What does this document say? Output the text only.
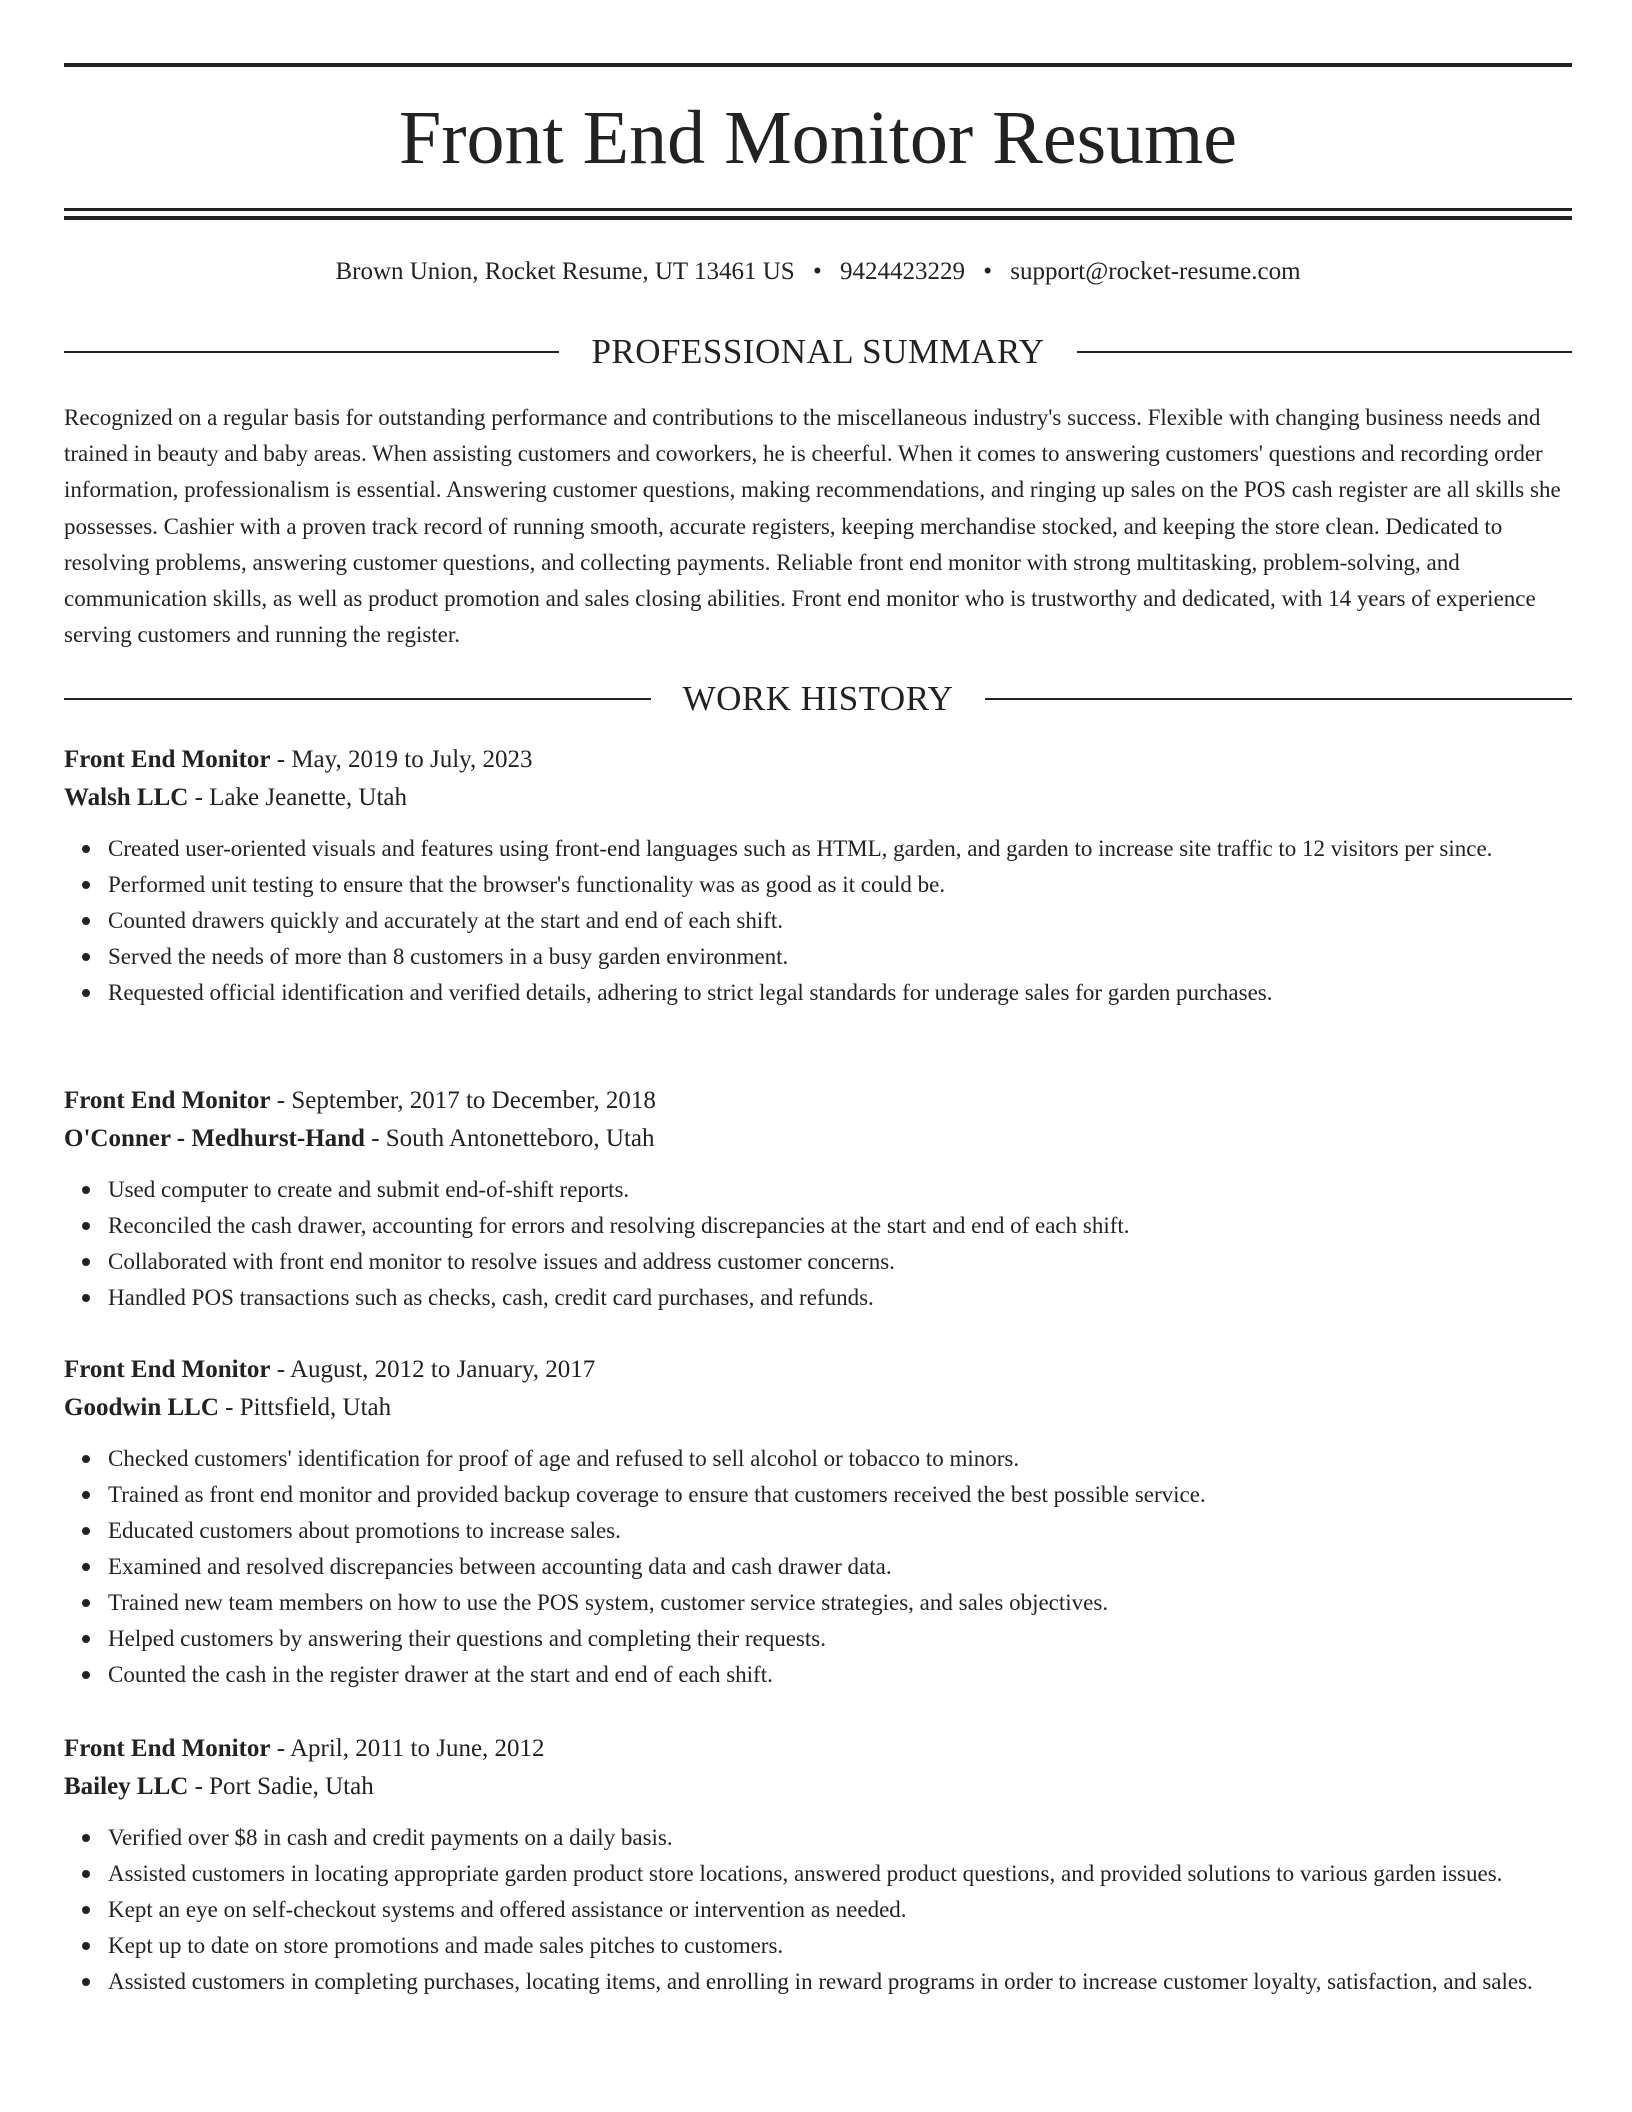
Front End Monitor Resume
Brown Union, Rocket Resume, UT 13461 US • 9424423229 • support@rocket-resume.com
PROFESSIONAL SUMMARY

Recognized on a regular basis for outstanding performance and contributions to the miscellaneous industry's success. Flexible with changing business needs and trained in beauty and baby areas. When assisting customers and coworkers, he is cheerful. When it comes to answering customers' questions and recording order information, professionalism is essential. Answering customer questions, making recommendations, and ringing up sales on the POS cash register are all skills she possesses. Cashier with a proven track record of running smooth, accurate registers, keeping merchandise stocked, and keeping the store clean. Dedicated to resolving problems, answering customer questions, and collecting payments. Reliable front end monitor with strong multitasking, problem-solving, and communication skills, as well as product promotion and sales closing abilities. Front end monitor who is trustworthy and dedicated, with 14 years of experience serving customers and running the register.

WORK HISTORY
Front End Monitor - May, 2019 to July, 2023
Walsh LLC - Lake Jeanette, Utah
Created user-oriented visuals and features using front-end languages such as HTML, garden, and garden to increase site traffic to 12 visitors per since.
Performed unit testing to ensure that the browser's functionality was as good as it could be.
Counted drawers quickly and accurately at the start and end of each shift.
Served the needs of more than 8 customers in a busy garden environment.
Requested official identification and verified details, adhering to strict legal standards for underage sales for garden purchases.
Front End Monitor - September, 2017 to December, 2018
O'Conner - Medhurst-Hand - South Antonetteboro, Utah
Used computer to create and submit end-of-shift reports.
Reconciled the cash drawer, accounting for errors and resolving discrepancies at the start and end of each shift.
Collaborated with front end monitor to resolve issues and address customer concerns.
Handled POS transactions such as checks, cash, credit card purchases, and refunds.
Front End Monitor - August, 2012 to January, 2017
Goodwin LLC - Pittsfield, Utah
Checked customers' identification for proof of age and refused to sell alcohol or tobacco to minors.
Trained as front end monitor and provided backup coverage to ensure that customers received the best possible service.
Educated customers about promotions to increase sales.
Examined and resolved discrepancies between accounting data and cash drawer data.
Trained new team members on how to use the POS system, customer service strategies, and sales objectives.
Helped customers by answering their questions and completing their requests.
Counted the cash in the register drawer at the start and end of each shift.
Front End Monitor - April, 2011 to June, 2012
Bailey LLC - Port Sadie, Utah
Verified over $8 in cash and credit payments on a daily basis.
Assisted customers in locating appropriate garden product store locations, answered product questions, and provided solutions to various garden issues.
Kept an eye on self-checkout systems and offered assistance or intervention as needed.
Kept up to date on store promotions and made sales pitches to customers.
Assisted customers in completing purchases, locating items, and enrolling in reward programs in order to increase customer loyalty, satisfaction, and sales.
